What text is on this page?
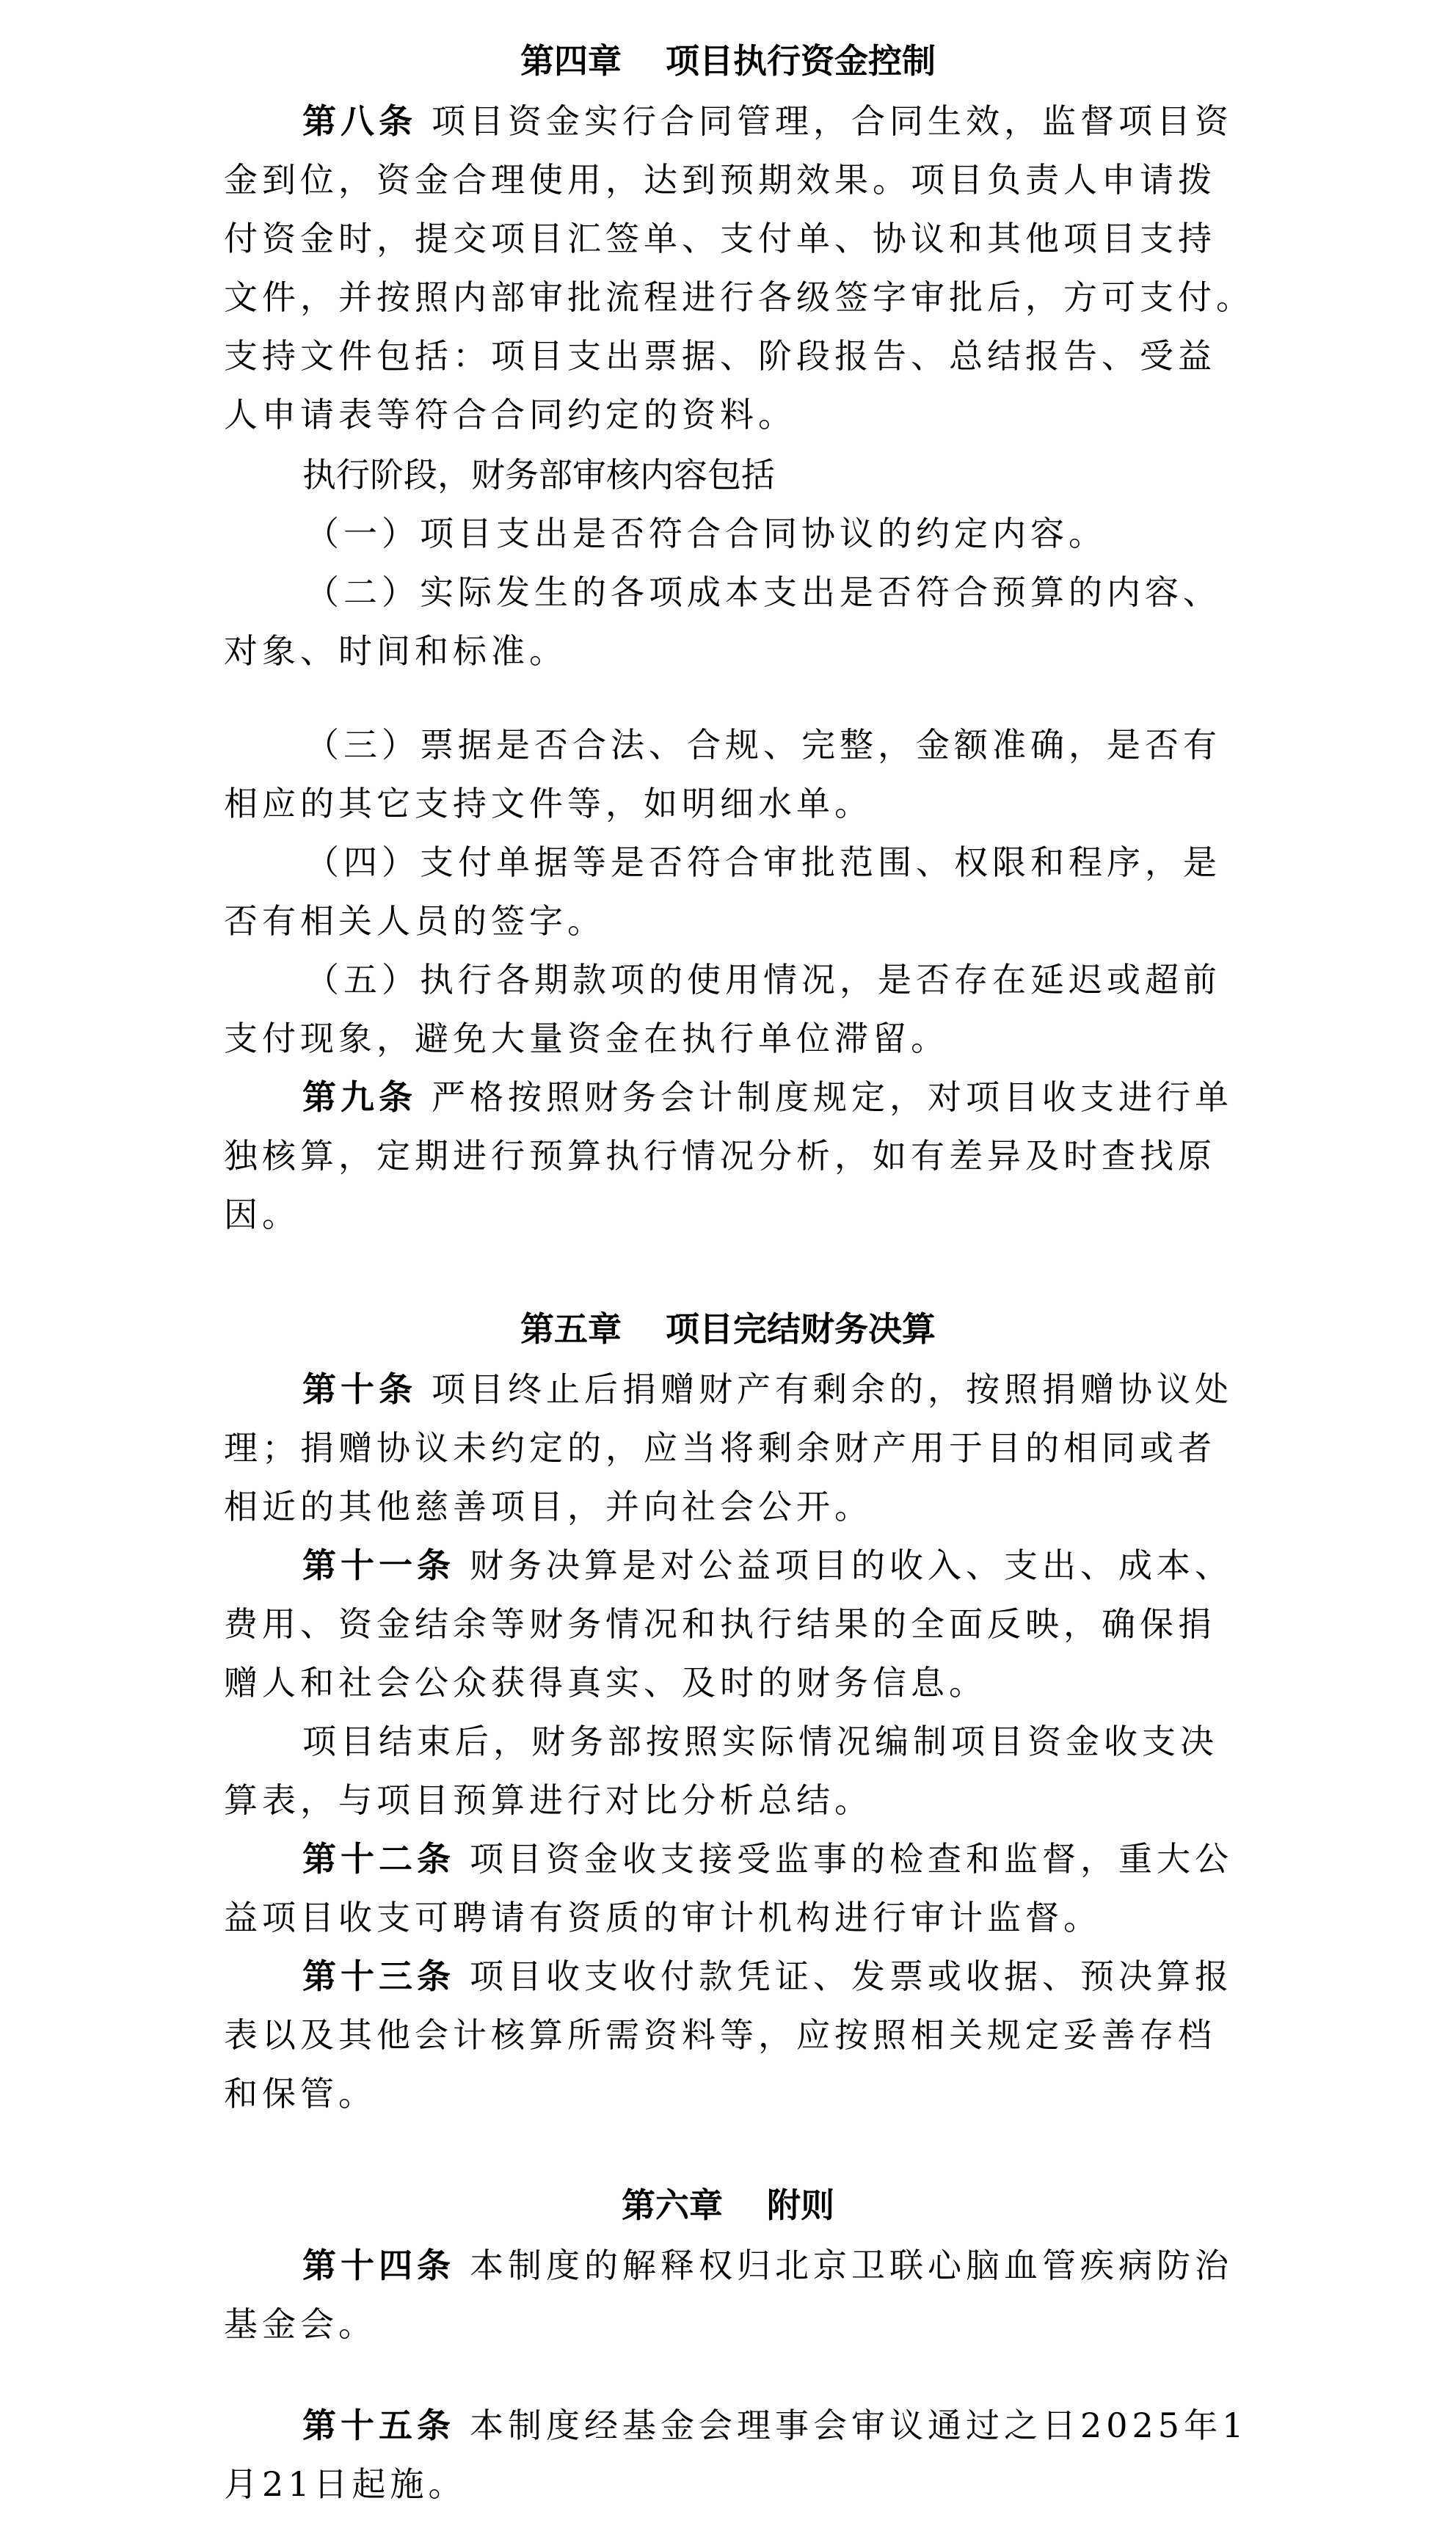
第四章 项目执行资金控制

第八条 项目资金实行合同管理，合同生效，监督项目资

金到位，资金合理使用，达到预期效果。项目负责人申请拨

付资金时，提交项目汇签单、支付单、协议和其他项目支持

文件，并按照内部审批流程进行各级签字审批后，方可支付。

支持文件包括：项目支出票据、阶段报告、总结报告、受益

人申请表等符合合同约定的资料。

执行阶段，财务部审核内容包括

（一）项目支出是否符合合同协议的约定内容。

（二）实际发生的各项成本支出是否符合预算的内容、

对象、时间和标准。

（三）票据是否合法、合规、完整，金额准确，是否有

相应的其它支持文件等，如明细水单。

（四）支付单据等是否符合审批范围、权限和程序，是

否有相关人员的签字。

（五）执行各期款项的使用情况，是否存在延迟或超前

支付现象，避免大量资金在执行单位滞留。

第九条 严格按照财务会计制度规定，对项目收支进行单

独核算，定期进行预算执行情况分析，如有差异及时查找原

因。

第五章 项目完结财务决算

第十条 项目终止后捐赠财产有剩余的，按照捐赠协议处

理；捐赠协议未约定的，应当将剩余财产用于目的相同或者

相近的其他慈善项目，并向社会公开。

第十一条 财务决算是对公益项目的收入、支出、成本、

费用、资金结余等财务情况和执行结果的全面反映，确保捐

赠人和社会公众获得真实、及时的财务信息。

项目结束后，财务部按照实际情况编制项目资金收支决

算表，与项目预算进行对比分析总结。

第十二条 项目资金收支接受监事的检查和监督，重大公

益项目收支可聘请有资质的审计机构进行审计监督。

第十三条 项目收支收付款凭证、发票或收据、预决算报

表以及其他会计核算所需资料等，应按照相关规定妥善存档

和保管。

第六章 附则

第十四条 本制度的解释权归北京卫联心脑血管疾病防治

基金会。

第十五条 本制度经基金会理事会审议通过之日2025年1

月21日起施。
